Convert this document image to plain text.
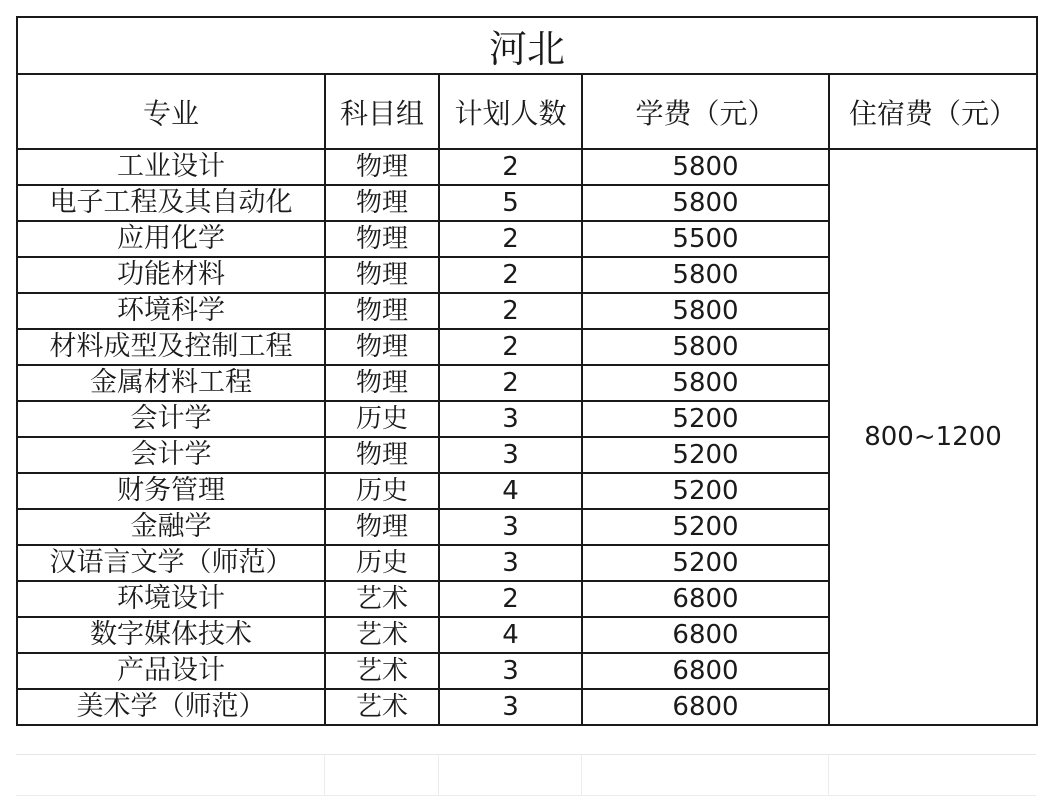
河北				
专业	科目组	计划人数	学费（元）	住宿费（元）
工业设计	物理	2	5800	800~1200
电子工程及其自动化	物理	5	5800	
应用化学	物理	2	5500	
功能材料	物理	2	5800	
环境科学	物理	2	5800	
材料成型及控制工程	物理	2	5800	
金属材料工程	物理	2	5800	
会计学	历史	3	5200	
会计学	物理	3	5200	
财务管理	历史	4	5200	
金融学	物理	3	5200	
汉语言文学（师范）	历史	3	5200	
环境设计	艺术	2	6800	
数字媒体技术	艺术	4	6800	
产品设计	艺术	3	6800	
美术学（师范）	艺术	3	6800	
